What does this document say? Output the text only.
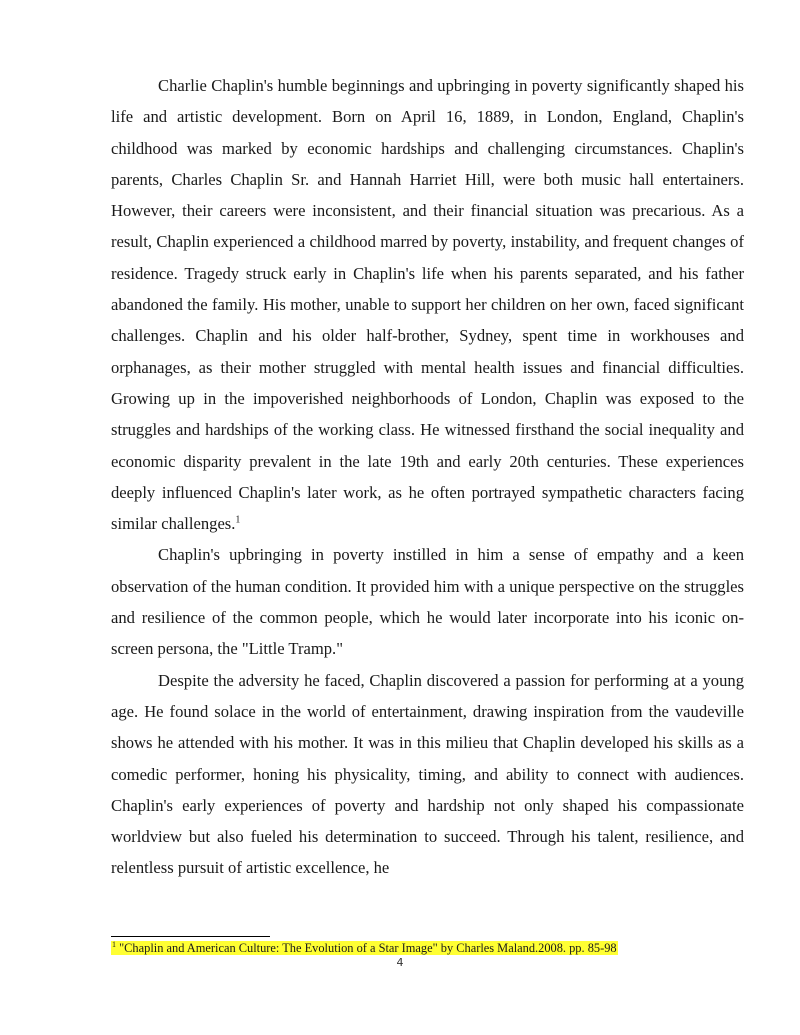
Charlie Chaplin's humble beginnings and upbringing in poverty significantly shaped his life and artistic development. Born on April 16, 1889, in London, England, Chaplin's childhood was marked by economic hardships and challenging circumstances. Chaplin's parents, Charles Chaplin Sr. and Hannah Harriet Hill, were both music hall entertainers. However, their careers were inconsistent, and their financial situation was precarious. As a result, Chaplin experienced a childhood marred by poverty, instability, and frequent changes of residence. Tragedy struck early in Chaplin's life when his parents separated, and his father abandoned the family. His mother, unable to support her children on her own, faced significant challenges. Chaplin and his older half-brother, Sydney, spent time in workhouses and orphanages, as their mother struggled with mental health issues and financial difficulties. Growing up in the impoverished neighborhoods of London, Chaplin was exposed to the struggles and hardships of the working class. He witnessed firsthand the social inequality and economic disparity prevalent in the late 19th and early 20th centuries. These experiences deeply influenced Chaplin's later work, as he often portrayed sympathetic characters facing similar challenges.$^1$

Chaplin's upbringing in poverty instilled in him a sense of empathy and a keen observation of the human condition. It provided him with a unique perspective on the struggles and resilience of the common people, which he would later incorporate into his iconic on-screen persona, the "Little Tramp."

Despite the adversity he faced, Chaplin discovered a passion for performing at a young age. He found solace in the world of entertainment, drawing inspiration from the vaudeville shows he attended with his mother. It was in this milieu that Chaplin developed his skills as a comedic performer, honing his physicality, timing, and ability to connect with audiences. Chaplin's early experiences of poverty and hardship not only shaped his compassionate worldview but also fueled his determination to succeed. Through his talent, resilience, and relentless pursuit of artistic excellence, he

$^1$ "Chaplin and American Culture: The Evolution of a Star Image" by Charles Maland.2008. pp. 85-98
4
